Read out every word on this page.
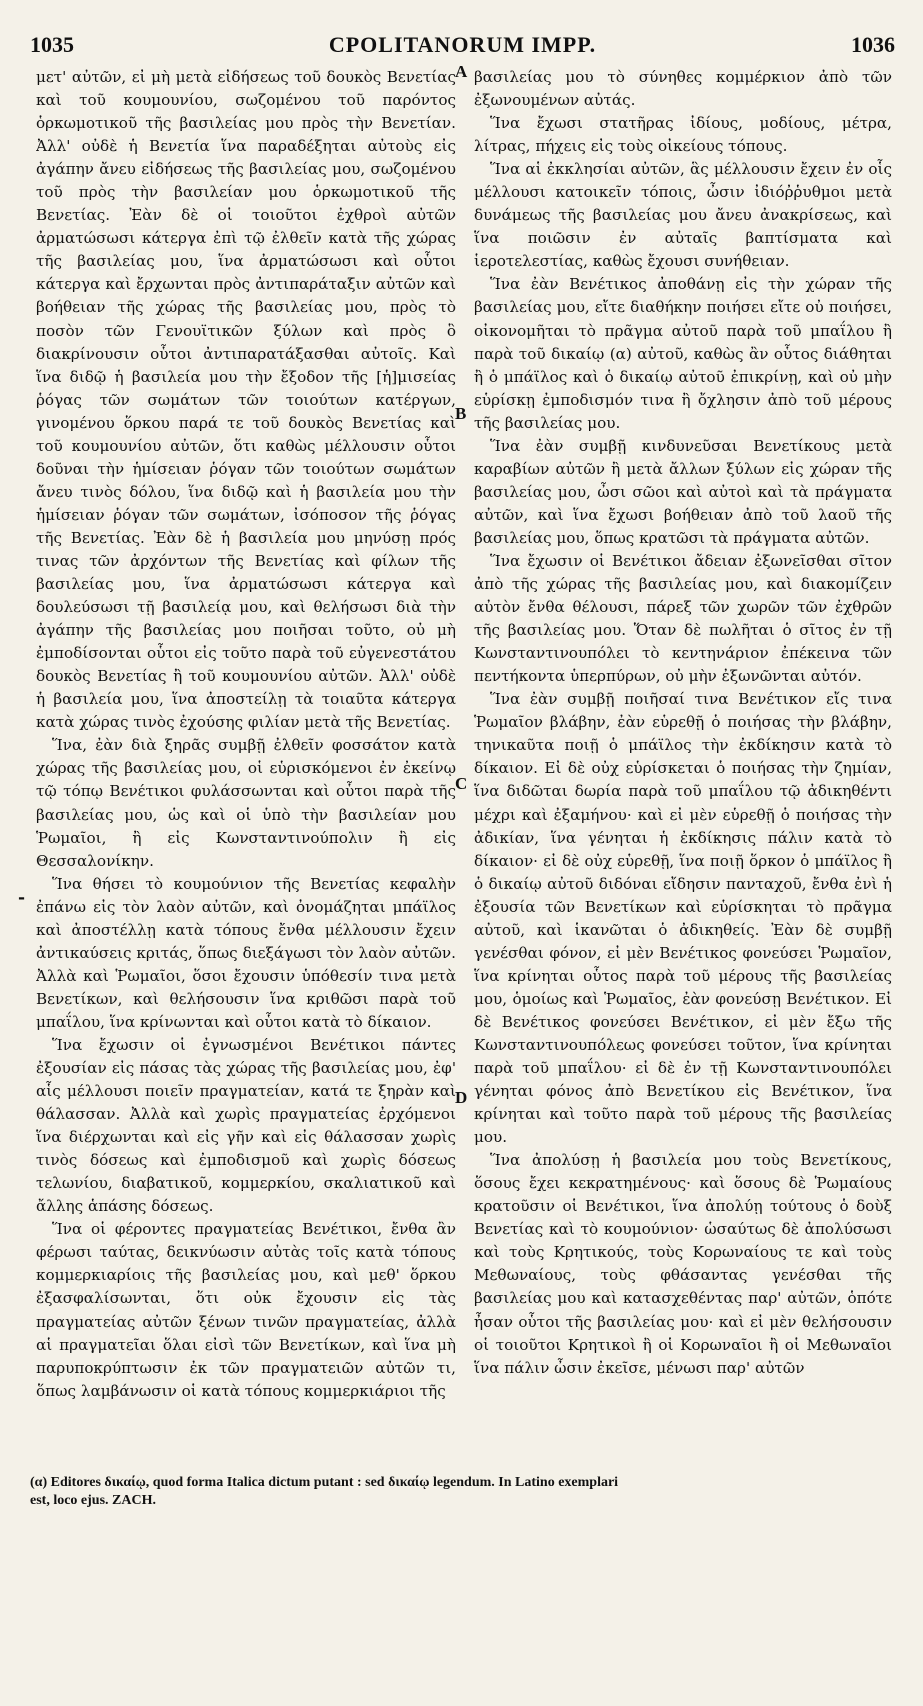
1035	CPOLITANORUM IMPP.	1036

μετ' αὐτῶν, εἰ μὴ μετὰ εἰδήσεως τοῦ δουκὸς Βενετίας καὶ τοῦ κουμουνίου, σωζομένου τοῦ παρόντος ὁρκωμοτικοῦ τῆς βασιλείας μου πρὸς τὴν Βενετίαν. Ἀλλ' οὐδὲ ἡ Βενετία ἵνα παραδέξηται αὐτοὺς εἰς ἀγάπην ἄνευ εἰδήσεως τῆς βασιλείας μου, σωζομένου τοῦ πρὸς τὴν βασιλείαν μου ὁρκωμοτικοῦ τῆς Βενετίας. Ἐὰν δὲ οἱ τοιοῦτοι ἐχθροὶ αὐτῶν ἀρματώσωσι κάτεργα ἐπὶ τῷ ἐλθεῖν κατὰ τῆς χώρας τῆς βασιλείας μου, ἵνα ἀρματώσωσι καὶ οὗτοι κάτεργα καὶ ἔρχωνται πρὸς ἀντιπαράταξιν αὐτῶν καὶ βοήθειαν τῆς χώρας τῆς βασιλείας μου, πρὸς τὸ ποσὸν τῶν Γενουϊτικῶν ξύλων καὶ πρὸς ὃ διακρίνουσιν οὗτοι ἀντιπαρατάξασθαι αὐτοῖς. Καὶ ἵνα διδῷ ἡ βασιλεία μου τὴν ἔξοδον τῆς [ἡ]μισείας ῥόγας τῶν σωμάτων τῶν τοιούτων κατέργων, γινομένου ὅρκου παρά τε τοῦ δουκὸς Βενετίας καὶ τοῦ κουμουνίου αὐτῶν, ὅτι καθὼς μέλλουσιν οὗτοι δοῦναι τὴν ἡμίσειαν ῥόγαν τῶν τοιούτων σωμάτων ἄνευ τινὸς δόλου, ἵνα διδῷ καὶ ἡ βασιλεία μου τὴν ἡμίσειαν ῥόγαν τῶν σωμάτων, ἰσόποσον τῆς ῥόγας τῆς Βενετίας. Ἐὰν δὲ ἡ βασιλεία μου μηνύσῃ πρός τινας τῶν ἀρχόντων τῆς Βενετίας καὶ φίλων τῆς βασιλείας μου, ἵνα ἀρματώσωσι κάτεργα καὶ δουλεύσωσι τῇ βασιλείᾳ μου, καὶ θελήσωσι διὰ τὴν ἀγάπην τῆς βασιλείας μου ποιῆσαι τοῦτο, οὐ μὴ ἐμποδίσονται οὗτοι εἰς τοῦτο παρὰ τοῦ εὐγενεστάτου δουκὸς Βενετίας ἢ τοῦ κουμουνίου αὐτῶν. Ἀλλ' οὐδὲ ἡ βασιλεία μου, ἵνα ἀποστείλῃ τὰ τοιαῦτα κάτεργα κατὰ χώρας τινὸς ἐχούσης φιλίαν μετὰ τῆς Βενετίας.

Ἵνα, ἐὰν διὰ ξηρᾶς συμβῇ ἐλθεῖν φοσσάτον κατὰ χώρας τῆς βασιλείας μου, οἱ εὑρισκόμενοι ἐν ἐκείνῳ τῷ τόπῳ Βενέτικοι φυλάσσωνται καὶ οὗτοι παρὰ τῆς βασιλείας μου, ὡς καὶ οἱ ὑπὸ τὴν βασιλείαν μου Ῥωμαῖοι, ἢ εἰς Κωνσταντινούπολιν ἢ εἰς Θεσσαλονίκην.

Ἵνα θήσει τὸ κουμούνιον τῆς Βενετίας κεφαλὴν ἐπάνω εἰς τὸν λαὸν αὐτῶν, καὶ ὀνομάζηται μπάϊλος καὶ ἀποστέλλῃ κατὰ τόπους ἔνθα μέλλουσιν ἔχειν ἀντικαύσεις κριτάς, ὅπως διεξάγωσι τὸν λαὸν αὐτῶν. Ἀλλὰ καὶ Ῥωμαῖοι, ὅσοι ἔχουσιν ὑπόθεσίν τινα μετὰ Βενετίκων, καὶ θελήσουσιν ἵνα κριθῶσι παρὰ τοῦ μπαΐλου, ἵνα κρίνωνται καὶ οὗτοι κατὰ τὸ δίκαιον.

Ἵνα ἔχωσιν οἱ ἐγνωσμένοι Βενέτικοι πάντες ἐξουσίαν εἰς πάσας τὰς χώρας τῆς βασιλείας μου, ἐφ' αἷς μέλλουσι ποιεῖν πραγματείαν, κατά τε ξηρὰν καὶ θάλασσαν. Ἀλλὰ καὶ χωρὶς πραγματείας ἐρχόμενοι ἵνα διέρχωνται καὶ εἰς γῆν καὶ εἰς θάλασσαν χωρὶς τινὸς δόσεως καὶ ἐμποδισμοῦ καὶ χωρὶς δόσεως τελωνίου, διαβατικοῦ, κομμερκίου, σκαλιατικοῦ καὶ ἄλλης ἁπάσης δόσεως.

Ἵνα οἱ φέροντες πραγματείας Βενέτικοι, ἔνθα ἂν φέρωσι ταύτας, δεικνύωσιν αὐτὰς τοῖς κατὰ τόπους κομμερκιαρίοις τῆς βασιλείας μου, καὶ μεθ' ὅρκου ἐξασφαλίσωνται, ὅτι οὐκ ἔχουσιν εἰς τὰς πραγματείας αὐτῶν ξένων τινῶν πραγματείας, ἀλλὰ αἱ πραγματεῖαι ὅλαι εἰσὶ τῶν Βενετίκων, καὶ ἵνα μὴ παρυποκρύπτωσιν ἐκ τῶν πραγματειῶν αὐτῶν τι, ὅπως λαμβάνωσιν οἱ κατὰ τόπους κομμερκιάριοι τῆς

βασιλείας μου τὸ σύνηθες κομμέρκιον ἀπὸ τῶν ἐξωνουμένων αὐτάς.

Ἵνα ἔχωσι στατῆρας ἰδίους, μοδίους, μέτρα, λίτρας, πήχεις εἰς τοὺς οἰκείους τόπους.

Ἵνα αἱ ἐκκλησίαι αὐτῶν, ἃς μέλλουσιν ἔχειν ἐν οἷς μέλλουσι κατοικεῖν τόποις, ὦσιν ἰδιόῤῥυθμοι μετὰ δυνάμεως τῆς βασιλείας μου ἄνευ ἀνακρίσεως, καὶ ἵνα ποιῶσιν ἐν αὐταῖς βαπτίσματα καὶ ἱεροτελεστίας, καθὼς ἔχουσι συνήθειαν.

Ἵνα ἐὰν Βενέτικος ἀποθάνῃ εἰς τὴν χώραν τῆς βασιλείας μου, εἴτε διαθήκην ποιήσει εἴτε οὐ ποιήσει, οἰκονομῆται τὸ πρᾶγμα αὐτοῦ παρὰ τοῦ μπαΐλου ἢ παρὰ τοῦ δικαίῳ (α) αὐτοῦ, καθὼς ἂν οὗτος διάθηται ἢ ὁ μπάϊλος καὶ ὁ δικαίῳ αὐτοῦ ἐπικρίνῃ, καὶ οὐ μὴν εὑρίσκῃ ἐμποδισμόν τινα ἢ ὄχλησιν ἀπὸ τοῦ μέρους τῆς βασιλείας μου.

Ἵνα ἐὰν συμβῇ κινδυνεῦσαι Βενετίκους μετὰ καραβίων αὐτῶν ἢ μετὰ ἄλλων ξύλων εἰς χώραν τῆς βασιλείας μου, ὦσι σῶοι καὶ αὐτοὶ καὶ τὰ πράγματα αὐτῶν, καὶ ἵνα ἔχωσι βοήθειαν ἀπὸ τοῦ λαοῦ τῆς βασιλείας μου, ὅπως κρατῶσι τὰ πράγματα αὐτῶν.

Ἵνα ἔχωσιν οἱ Βενέτικοι ἄδειαν ἐξωνεῖσθαι σῖτον ἀπὸ τῆς χώρας τῆς βασιλείας μου, καὶ διακομίζειν αὐτὸν ἔνθα θέλουσι, πάρεξ τῶν χωρῶν τῶν ἐχθρῶν τῆς βασιλείας μου. Ὅταν δὲ πωλῆται ὁ σῖτος ἐν τῇ Κωνσταντινουπόλει τὸ κεντηνάριον ἐπέκεινα τῶν πεντήκοντα ὑπερπύρων, οὐ μὴν ἐξωνῶνται αὐτόν.

Ἵνα ἐὰν συμβῇ ποιῆσαί τινα Βενέτικον εἴς τινα Ῥωμαῖον βλάβην, ἐὰν εὑρεθῇ ὁ ποιήσας τὴν βλάβην, τηνικαῦτα ποιῇ ὁ μπάϊλος τὴν ἐκδίκησιν κατὰ τὸ δίκαιον. Εἰ δὲ οὐχ εὑρίσκεται ὁ ποιήσας τὴν ζημίαν, ἵνα διδῶται δωρία παρὰ τοῦ μπαΐλου τῷ ἀδικηθέντι μέχρι καὶ ἐξαμήνου· καὶ εἰ μὲν εὑρεθῇ ὁ ποιήσας τὴν ἀδικίαν, ἵνα γένηται ἡ ἐκδίκησις πάλιν κατὰ τὸ δίκαιον· εἰ δὲ οὐχ εὑρεθῇ, ἵνα ποιῇ ὅρκον ὁ μπάϊλος ἢ ὁ δικαίῳ αὐτοῦ διδόναι εἴδησιν πανταχοῦ, ἔνθα ἐνὶ ἡ ἐξουσία τῶν Βενετίκων καὶ εὑρίσκηται τὸ πρᾶγμα αὐτοῦ, καὶ ἱκανῶται ὁ ἀδικηθείς. Ἐὰν δὲ συμβῇ γενέσθαι φόνον, εἰ μὲν Βενέτικος φονεύσει Ῥωμαῖον, ἵνα κρίνηται οὗτος παρὰ τοῦ μέρους τῆς βασιλείας μου, ὁμοίως καὶ Ῥωμαῖος, ἐὰν φονεύσῃ Βενέτικον. Εἰ δὲ Βενέτικος φονεύσει Βενέτικον, εἰ μὲν ἔξω τῆς Κωνσταντινουπόλεως φονεύσει τοῦτον, ἵνα κρίνηται παρὰ τοῦ μπαΐλου· εἰ δὲ ἐν τῇ Κωνσταντινουπόλει γένηται φόνος ἀπὸ Βενετίκου εἰς Βενέτικον, ἵνα κρίνηται καὶ τοῦτο παρὰ τοῦ μέρους τῆς βασιλείας μου.

Ἵνα ἀπολύσῃ ἡ βασιλεία μου τοὺς Βενετίκους, ὅσους ἔχει κεκρατημένους· καὶ ὅσους δὲ Ῥωμαίους κρατοῦσιν οἱ Βενέτικοι, ἵνα ἀπολύῃ τούτους ὁ δοὺξ Βενετίας καὶ τὸ κουμούνιον· ὡσαύτως δὲ ἀπολύσωσι καὶ τοὺς Κρητικούς, τοὺς Κορωναίους τε καὶ τοὺς Μεθωναίους, τοὺς φθάσαντας γενέσθαι τῆς βασιλείας μου καὶ κατασχεθέντας παρ' αὐτῶν, ὁπότε ἦσαν οὗτοι τῆς βασιλείας μου· καὶ εἰ μὲν θελήσουσιν οἱ τοιοῦτοι Κρητικοὶ ἢ οἱ Κορωναῖοι ἢ οἱ Μεθωναῖοι ἵνα πάλιν ὦσιν ἐκεῖσε, μένωσι παρ' αὐτῶν

A
B
C
D
-
(α) Editores δικαίῳ, quod forma Italica dictum putant : sed δικαίῳ legendum. In Latino exemplari
est, loco ejus. ZACH.
